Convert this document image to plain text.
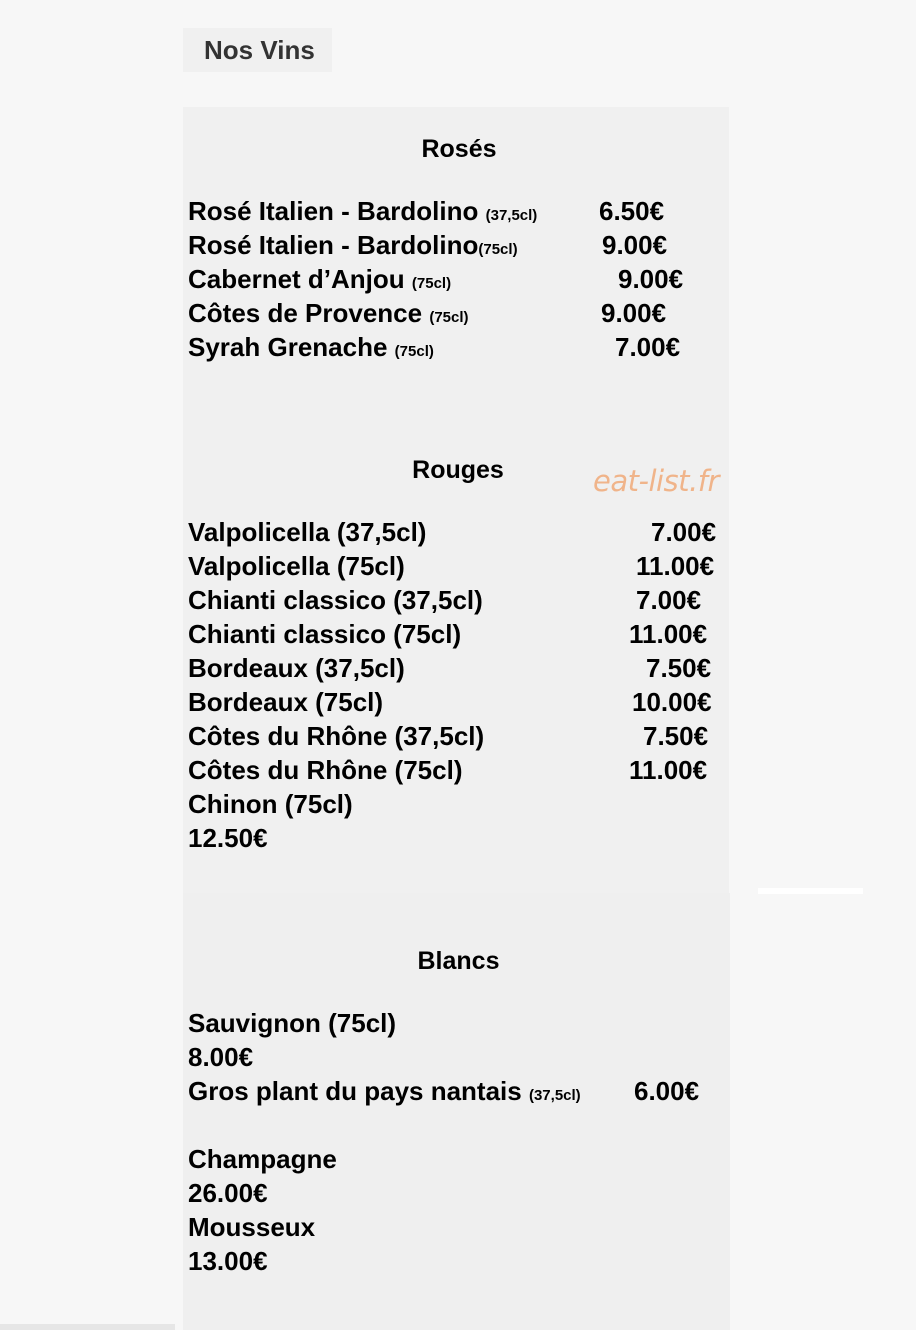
Nos Vins
Rosés
Rosé Italien - Bardolino (37,5cl) 6.50€
Rosé Italien - Bardolino(75cl)	9.00€
Cabernet d’Anjou (75cl)	9.00€
Côtes de Provence (75cl)	9.00€
Syrah Grenache (75cl)	7.00€
Rouges	eat-list.fr
Valpolicella (37,5cl)	7.00€
Valpolicella (75cl)	11.00€
Chianti classico (37,5cl)	7.00€
Chianti classico (75cl)	11.00€
Bordeaux (37,5cl)	7.50€
Bordeaux (75cl)	10.00€
Côtes du Rhône (37,5cl)	7.50€
Côtes du Rhône (75cl)	11.00€
Chinon (75cl)
12.50€
Blancs
Sauvignon (75cl)
8.00€
Gros plant du pays nantais (37,5cl) 6.00€
Champagne
26.00€
Mousseux
13.00€
